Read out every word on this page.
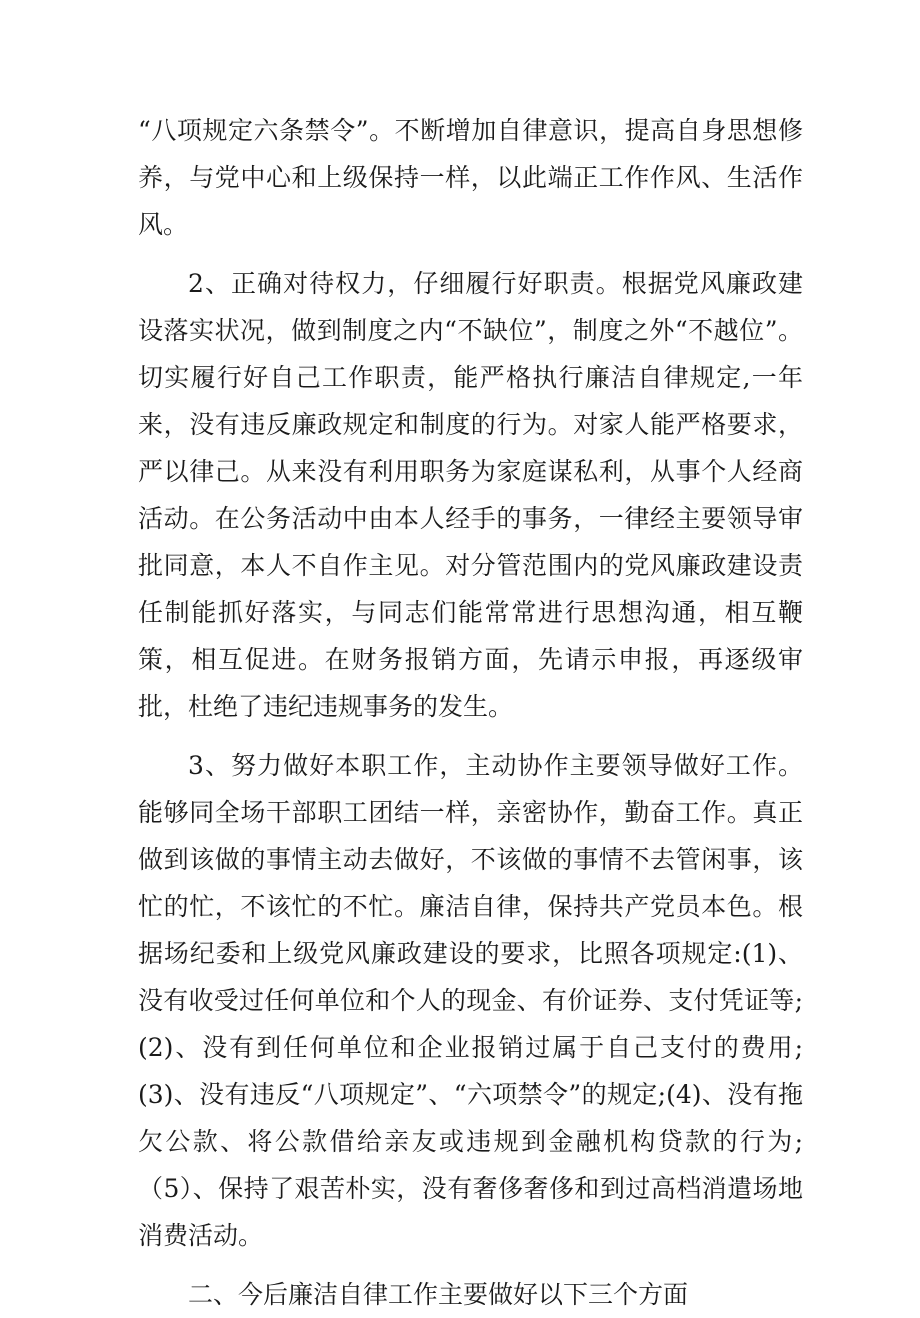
“八项规定六条禁令”。不断增加自律意识，提高自身思想修养，与党中心和上级保持一样，以此端正工作作风、生活作风。

2、正确对待权力，仔细履行好职责。根据党风廉政建设落实状况，做到制度之内“不缺位”，制度之外“不越位”。切实履行好自己工作职责，能严格执行廉洁自律规定,一年来，没有违反廉政规定和制度的行为。对家人能严格要求，严以律己。从来没有利用职务为家庭谋私利，从事个人经商活动。在公务活动中由本人经手的事务，一律经主要领导审批同意，本人不自作主见。对分管范围内的党风廉政建设责任制能抓好落实，与同志们能常常进行思想沟通，相互鞭策，相互促进。在财务报销方面，先请示申报，再逐级审批，杜绝了违纪违规事务的发生。

3、努力做好本职工作，主动协作主要领导做好工作。能够同全场干部职工团结一样，亲密协作，勤奋工作。真正做到该做的事情主动去做好，不该做的事情不去管闲事，该忙的忙，不该忙的不忙。廉洁自律，保持共产党员本色。根据场纪委和上级党风廉政建设的要求，比照各项规定:(1)、没有收受过任何单位和个人的现金、有价证券、支付凭证等;(2)、没有到任何单位和企业报销过属于自己支付的费用;(3)、没有违反“八项规定”、“六项禁令”的规定;(4)、没有拖欠公款、将公款借给亲友或违规到金融机构贷款的行为;（5）、保持了艰苦朴实，没有奢侈奢侈和到过高档消遣场地消费活动。

二、今后廉洁自律工作主要做好以下三个方面
